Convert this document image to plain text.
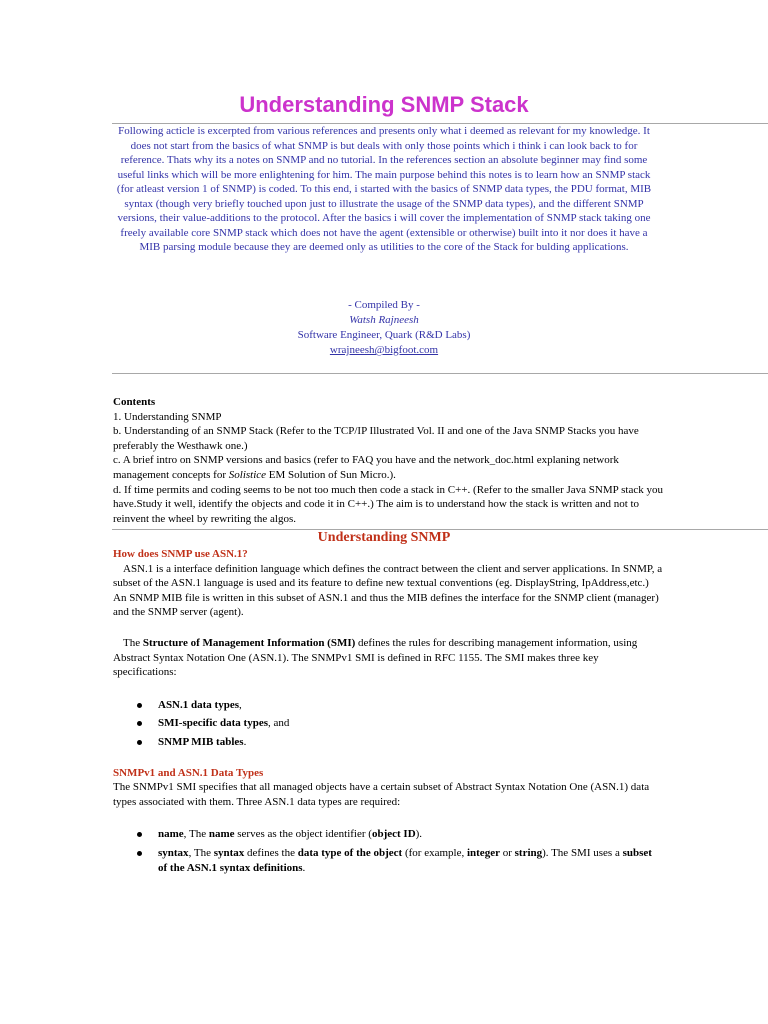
Understanding SNMP Stack

Following acticle is excerpted from various references and presents only what i deemed as relevant for my knowledge. It does not start from the basics of what SNMP is but deals with only those points which i think i can look back to for reference. Thats why its a notes on SNMP and no tutorial. In the references section an absolute beginner may find some useful links which will be more enlightening for him. The main purpose behind this notes is to learn how an SNMP stack (for atleast version 1 of SNMP) is coded. To this end, i started with the basics of SNMP data types, the PDU format, MIB syntax (though very briefly touched upon just to illustrate the usage of the SNMP data types), and the different SNMP versions, their value-additions to the protocol. After the basics i will cover the implementation of SNMP stack taking one freely available core SNMP stack which does not have the agent (extensible or otherwise) built into it nor does it have a MIB parsing module because they are deemed only as utilities to the core of the Stack for bulding applications.

- Compiled By -
Watsh Rajneesh
Software Engineer, Quark (R&D Labs)
wrajneesh@bigfoot.com
Contents
1. Understanding SNMP
b. Understanding of an SNMP Stack (Refer to the TCP/IP Illustrated Vol. II and one of the Java SNMP Stacks you have preferably the Westhawk one.)
c. A brief intro on SNMP versions and basics (refer to FAQ you have and the network_doc.html explaning network management concepts for Solistice EM Solution of Sun Micro.).
d. If time permits and coding seems to be not too much then code a stack in C++. (Refer to the smaller Java SNMP stack you have.Study it well, identify the objects and code it in C++.) The aim is to understand how the stack is written and not to reinvent the wheel by rewriting the algos.
Understanding SNMP

How does SNMP use ASN.1?

ASN.1 is a interface definition language which defines the contract between the client and server applications. In SNMP, a subset of the ASN.1 language is used and its feature to define new textual conventions (eg. DisplayString, IpAddress,etc.) An SNMP MIB file is written in this subset of ASN.1 and thus the MIB defines the interface for the SNMP client (manager) and the SNMP server (agent).

The Structure of Management Information (SMI) defines the rules for describing management information, using Abstract Syntax Notation One (ASN.1). The SNMPv1 SMI is defined in RFC 1155. The SMI makes three key specifications:

ASN.1 data types,
SMI-specific data types, and
SNMP MIB tables.

SNMPv1 and ASN.1 Data Types

The SNMPv1 SMI specifies that all managed objects have a certain subset of Abstract Syntax Notation One (ASN.1) data types associated with them. Three ASN.1 data types are required:

name, The name serves as the object identifier (object ID).
syntax, The syntax defines the data type of the object (for example, integer or string). The SMI uses a subset of the ASN.1 syntax definitions.
